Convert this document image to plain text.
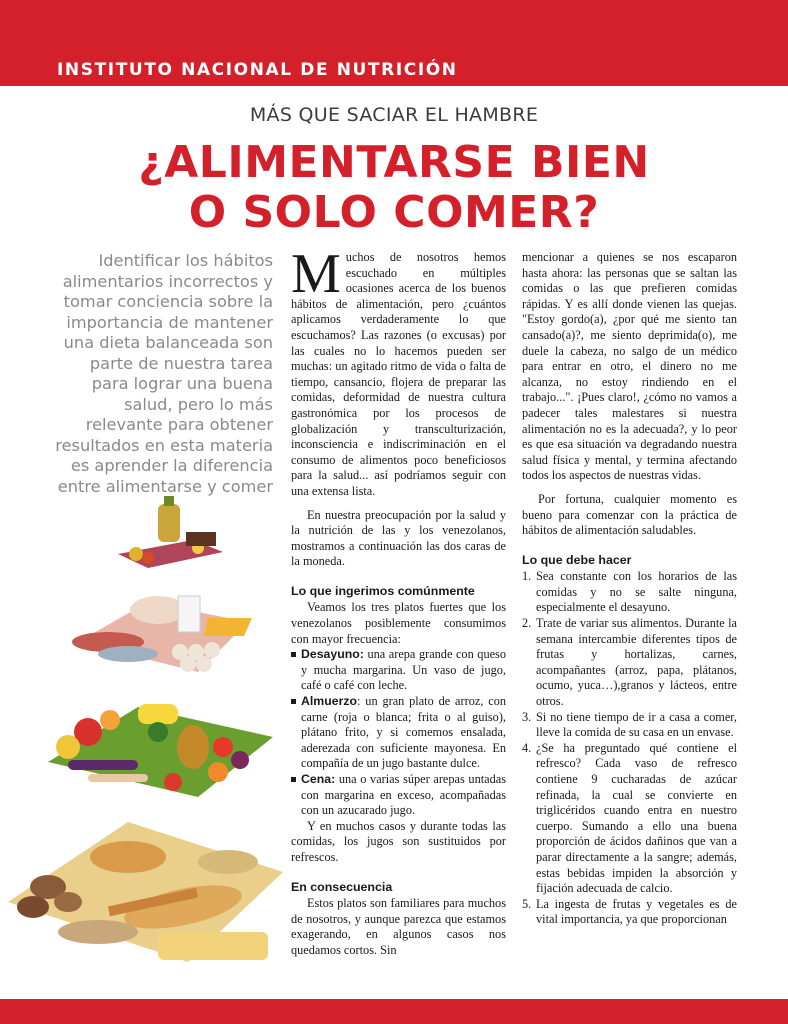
INSTITUTO NACIONAL DE NUTRICIÓN
MÁS QUE SACIAR EL HAMBRE
¿ALIMENTARSE BIEN
O SOLO COMER?
Identificar los hábitos alimentarios incorrectos y tomar conciencia sobre la importancia de mantener una dieta balanceada son parte de nuestra tarea para lograr una buena salud, pero lo más relevante para obtener resultados en esta materia es aprender la diferencia entre alimentarse y comer

Muchos de nosotros hemos escuchado en múltiples ocasiones acerca de los buenos hábitos de alimentación, pero ¿cuántos aplicamos verdaderamente lo que escuchamos? Las razones (o excusas) por las cuales no lo hacemos pueden ser muchas: un agitado ritmo de vida o falta de tiempo, cansancio, flojera de preparar las comidas, deformidad de nuestra cultura gastronómica por los procesos de globalización y transculturización, inconsciencia e indiscriminación en el consumo de alimentos poco beneficiosos para la salud... así podríamos seguir con una extensa lista.

En nuestra preocupación por la salud y la nutrición de las y los venezolanos, mostramos a continuación las dos caras de la moneda.

Lo que ingerimos comúnmente

Veamos los tres platos fuertes que los venezolanos posiblemente consumimos con mayor frecuencia:

Desayuno: una arepa grande con queso y mucha margarina. Un vaso de jugo, café o café con leche.
Almuerzo: un gran plato de arroz, con carne (roja o blanca; frita o al guiso), plátano frito, y si comemos ensalada, aderezada con suficiente mayonesa. En compañía de un jugo bastante dulce.
Cena: una o varias súper arepas untadas con margarina en exceso, acompañadas con un azucarado jugo.

Y en muchos casos y durante todas las comidas, los jugos son sustituidos por refrescos.

En consecuencia

Estos platos son familiares para muchos de nosotros, y aunque parezca que estamos exagerando, en algunos casos nos quedamos cortos. Sin

mencionar a quienes se nos escaparon hasta ahora: las personas que se saltan las comidas o las que prefieren comidas rápidas. Y es allí donde vienen las quejas. "Estoy gordo(a), ¿por qué me siento tan cansado(a)?, me siento deprimida(o), me duele la cabeza, no salgo de un médico para entrar en otro, el dinero no me alcanza, no estoy rindiendo en el trabajo...". ¡Pues claro!, ¿cómo no vamos a padecer tales malestares si nuestra alimentación no es la adecuada?, y lo peor es que esa situación va degradando nuestra salud física y mental, y termina afectando todos los aspectos de nuestras vidas.

Por fortuna, cualquier momento es bueno para comenzar con la práctica de hábitos de alimentación saludables.

Lo que debe hacer
1. Sea constante con los horarios de las comidas y no se salte ninguna, especialmente el desayuno.
2. Trate de variar sus alimentos. Durante la semana intercambie diferentes tipos de frutas y hortalizas, carnes, acompañantes (arroz, papa, plátanos, ocumo, yuca…),granos y lácteos, entre otros.
3. Si no tiene tiempo de ir a casa a comer, lleve la comida de su casa en un envase.
4. ¿Se ha preguntado qué contiene el refresco? Cada vaso de refresco contiene 9 cucharadas de azúcar refinada, la cual se convierte en triglicéridos cuando entra en nuestro cuerpo. Sumando a ello una buena proporción de ácidos dañinos que van a parar directamente a la sangre; además, estas bebidas impiden la absorción y fijación adecuada de calcio.
5. La ingesta de frutas y vegetales es de vital importancia, ya que proporcionan
